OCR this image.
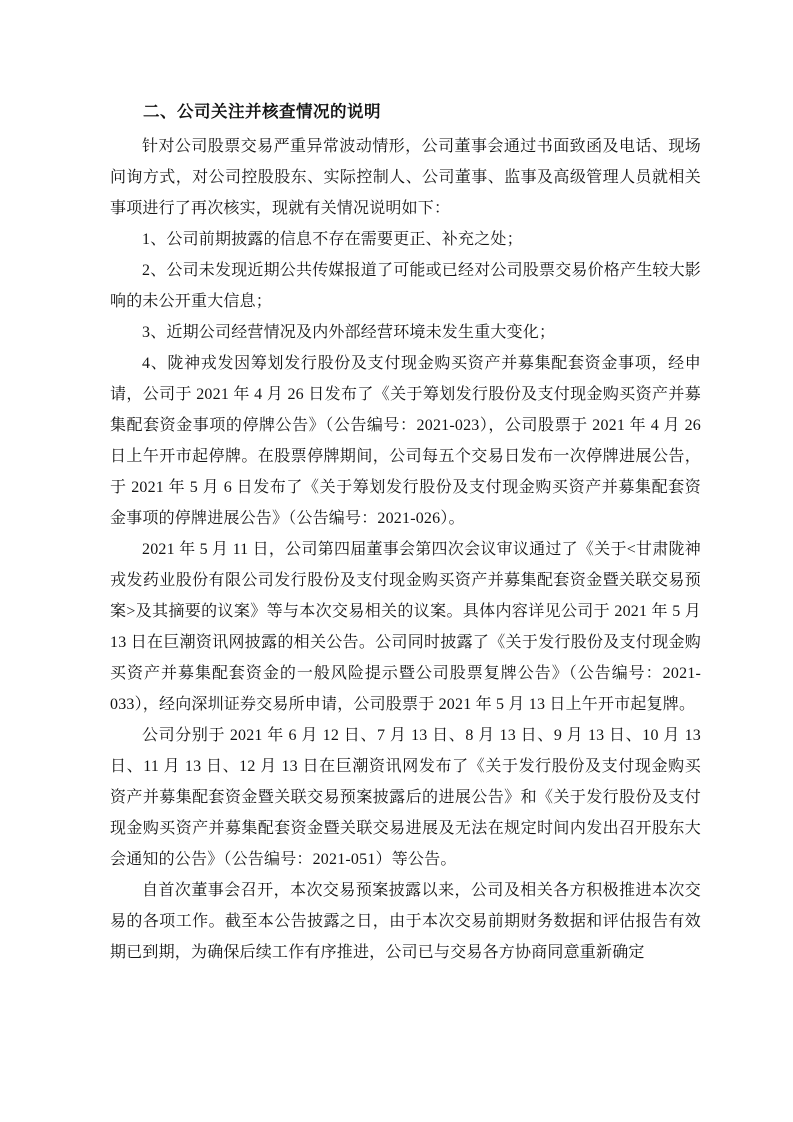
二、公司关注并核查情况的说明

针对公司股票交易严重异常波动情形，公司董事会通过书面致函及电话、现场问询方式，对公司控股股东、实际控制人、公司董事、监事及高级管理人员就相关事项进行了再次核实，现就有关情况说明如下：

1、公司前期披露的信息不存在需要更正、补充之处；

2、公司未发现近期公共传媒报道了可能或已经对公司股票交易价格产生较大影响的未公开重大信息；

3、近期公司经营情况及内外部经营环境未发生重大变化；

4、陇神戎发因筹划发行股份及支付现金购买资产并募集配套资金事项，经申请，公司于 2021 年 4 月 26 日发布了《关于筹划发行股份及支付现金购买资产并募集配套资金事项的停牌公告》（公告编号：2021-023），公司股票于 2021 年 4 月 26 日上午开市起停牌。在股票停牌期间，公司每五个交易日发布一次停牌进展公告，于 2021 年 5 月 6 日发布了《关于筹划发行股份及支付现金购买资产并募集配套资金事项的停牌进展公告》（公告编号：2021-026）。

2021 年 5 月 11 日，公司第四届董事会第四次会议审议通过了《关于<甘肃陇神戎发药业股份有限公司发行股份及支付现金购买资产并募集配套资金暨关联交易预案>及其摘要的议案》等与本次交易相关的议案。具体内容详见公司于 2021 年 5 月 13 日在巨潮资讯网披露的相关公告。公司同时披露了《关于发行股份及支付现金购买资产并募集配套资金的一般风险提示暨公司股票复牌公告》（公告编号：2021-033），经向深圳证券交易所申请，公司股票于 2021 年 5 月 13 日上午开市起复牌。

公司分别于 2021 年 6 月 12 日、7 月 13 日、8 月 13 日、9 月 13 日、10 月 13 日、11 月 13 日、12 月 13 日在巨潮资讯网发布了《关于发行股份及支付现金购买资产并募集配套资金暨关联交易预案披露后的进展公告》和《关于发行股份及支付现金购买资产并募集配套资金暨关联交易进展及无法在规定时间内发出召开股东大会通知的公告》（公告编号：2021-051）等公告。

自首次董事会召开，本次交易预案披露以来，公司及相关各方积极推进本次交易的各项工作。截至本公告披露之日，由于本次交易前期财务数据和评估报告有效期已到期，为确保后续工作有序推进，公司已与交易各方协商同意重新确定
